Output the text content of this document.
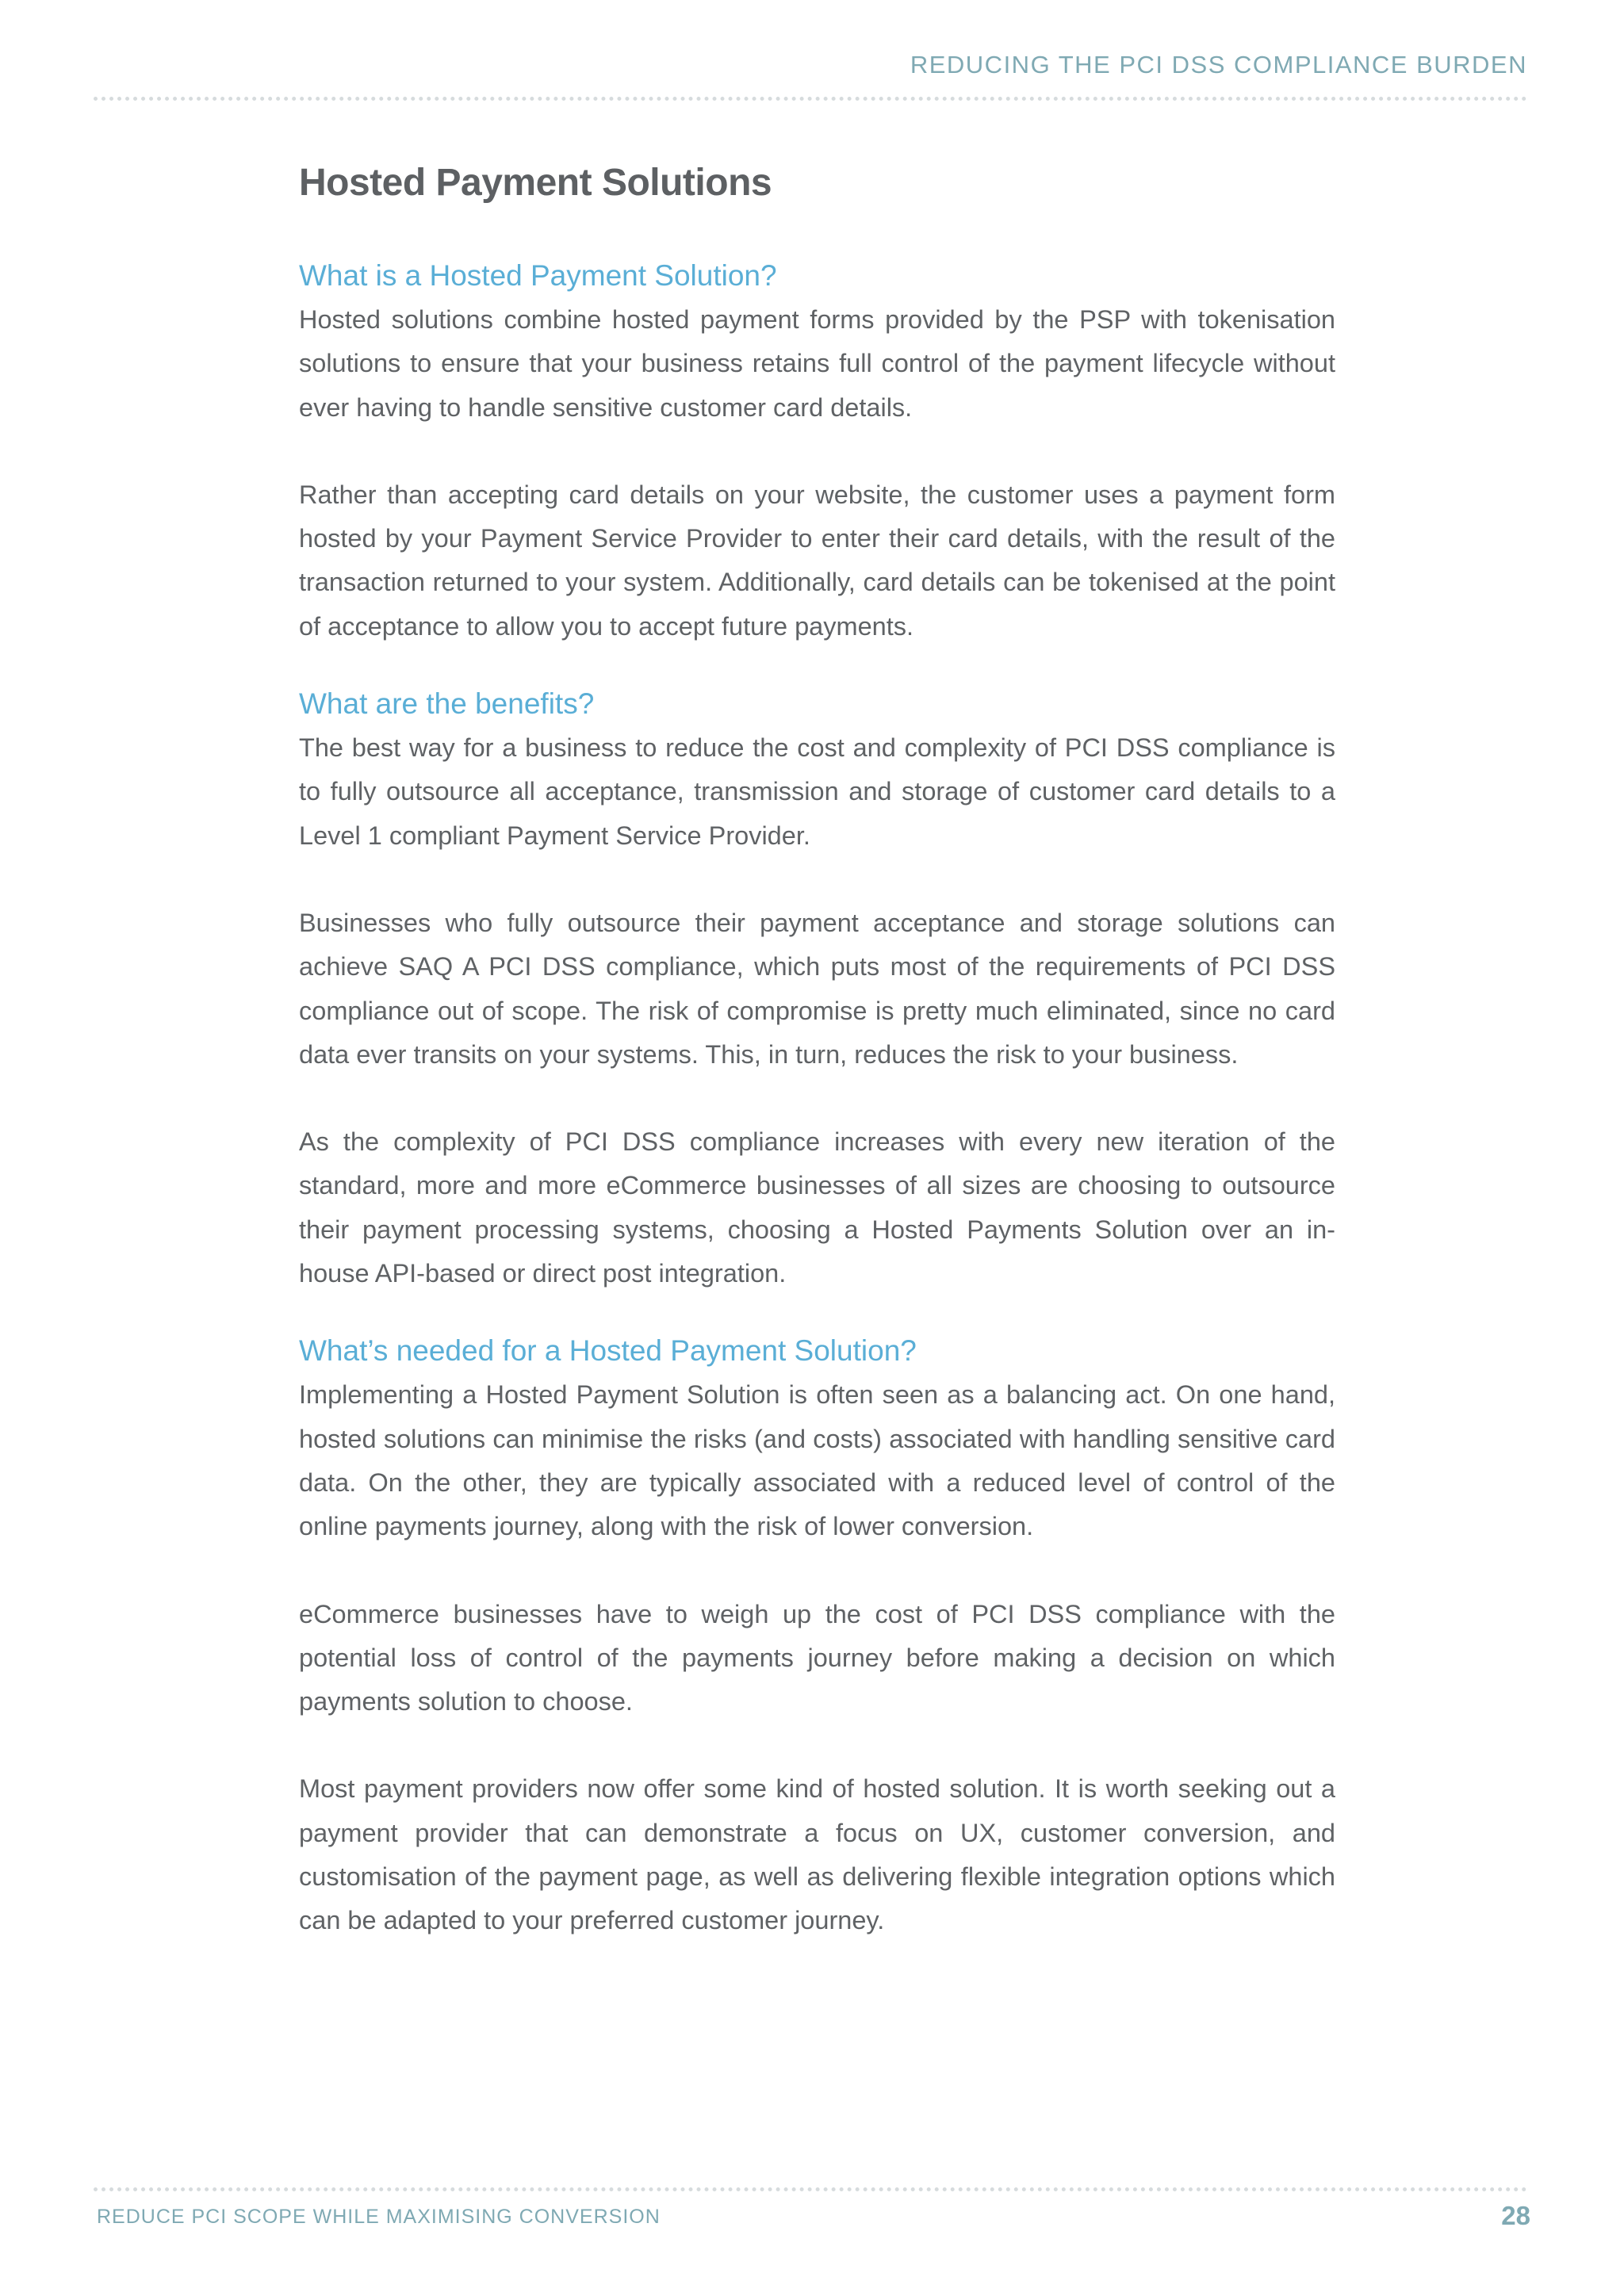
REDUCING THE PCI DSS COMPLIANCE BURDEN
Hosted Payment Solutions
What is a Hosted Payment Solution?

Hosted solutions combine hosted payment forms provided by the PSP with tokenisation solutions to ensure that your business retains full control of the payment lifecycle without ever having to handle sensitive customer card details.

Rather than accepting card details on your website, the customer uses a payment form hosted by your Payment Service Provider to enter their card details, with the result of the transaction returned to your system. Additionally, card details can be tokenised at the point of acceptance to allow you to accept future payments.

What are the benefits?

The best way for a business to reduce the cost and complexity of PCI DSS compliance is to fully outsource all acceptance, transmission and storage of customer card details to a Level 1 compliant Payment Service Provider.

Businesses who fully outsource their payment acceptance and storage solutions can achieve SAQ A PCI DSS compliance, which puts most of the requirements of PCI DSS compliance out of scope. The risk of compromise is pretty much eliminated, since no card data ever transits on your systems. This, in turn, reduces the risk to your business.

As the complexity of PCI DSS compliance increases with every new iteration of the standard, more and more eCommerce businesses of all sizes are choosing to outsource their payment processing systems, choosing a Hosted Payments Solution over an in-house API-based or direct post integration.

What’s needed for a Hosted Payment Solution?

Implementing a Hosted Payment Solution is often seen as a balancing act. On one hand, hosted solutions can minimise the risks (and costs) associated with handling sensitive card data. On the other, they are typically associated with a reduced level of control of the online payments journey, along with the risk of lower conversion.

eCommerce businesses have to weigh up the cost of PCI DSS compliance with the potential loss of control of the payments journey before making a decision on which payments solution to choose.

Most payment providers now offer some kind of hosted solution. It is worth seeking out a payment provider that can demonstrate a focus on UX, customer conversion, and customisation of the payment page, as well as delivering flexible integration options which can be adapted to your preferred customer journey.

REDUCE PCI SCOPE WHILE MAXIMISING CONVERSION	28
